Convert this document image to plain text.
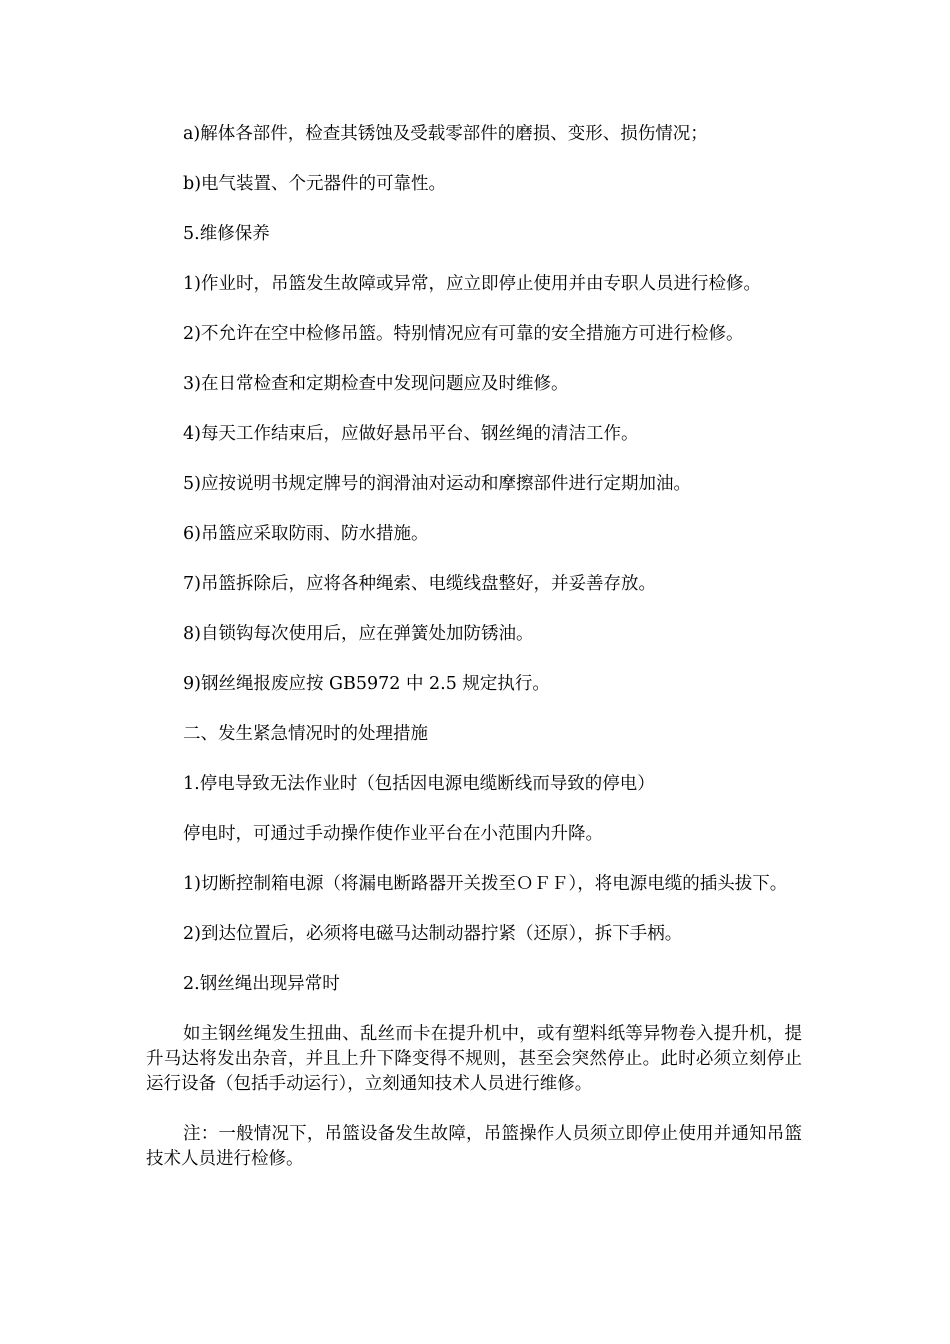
a)解体各部件，检查其锈蚀及受载零部件的磨损、变形、损伤情况；

b)电气装置、个元器件的可靠性。

5.维修保养

1)作业时，吊篮发生故障或异常，应立即停止使用并由专职人员进行检修。

2)不允许在空中检修吊篮。特别情况应有可靠的安全措施方可进行检修。

3)在日常检查和定期检查中发现问题应及时维修。

4)每天工作结束后，应做好悬吊平台、钢丝绳的清洁工作。

5)应按说明书规定牌号的润滑油对运动和摩擦部件进行定期加油。

6)吊篮应采取防雨、防水措施。

7)吊篮拆除后，应将各种绳索、电缆线盘整好，并妥善存放。

8)自锁钩每次使用后，应在弹簧处加防锈油。

9)钢丝绳报废应按 GB5972 中 2.5 规定执行。

二、发生紧急情况时的处理措施

1.停电导致无法作业时（包括因电源电缆断线而导致的停电）

停电时，可通过手动操作使作业平台在小范围内升降。

1)切断控制箱电源（将漏电断路器开关拨至ＯＦＦ），将电源电缆的插头拔下。

2)到达位置后，必须将电磁马达制动器拧紧（还原），拆下手柄。

2.钢丝绳出现异常时

如主钢丝绳发生扭曲、乱丝而卡在提升机中，或有塑料纸等异物卷入提升机，提升马达将发出杂音，并且上升下降变得不规则，甚至会突然停止。此时必须立刻停止运行设备（包括手动运行），立刻通知技术人员进行维修。

注：一般情况下，吊篮设备发生故障，吊篮操作人员须立即停止使用并通知吊篮技术人员进行检修。
